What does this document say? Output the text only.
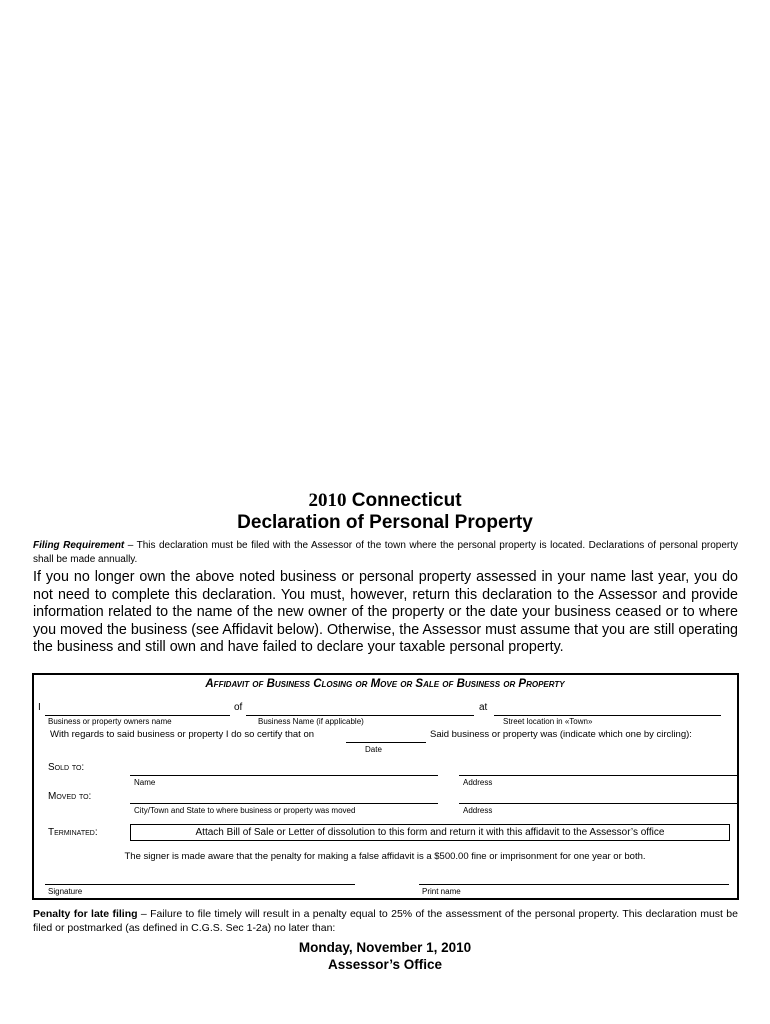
2010 Connecticut
Declaration of Personal Property
Filing Requirement – This declaration must be filed with the Assessor of the town where the personal property is located. Declarations of personal property shall be made annually.
If you no longer own the above noted business or personal property assessed in your name last year, you do not need to complete this declaration. You must, however, return this declaration to the Assessor and provide information related to the name of the new owner of the property or the date your business ceased or to where you moved the business (see Affidavit below). Otherwise, the Assessor must assume that you are still operating the business and still own and have failed to declare your taxable personal property.
Affidavit of Business Closing or Move or Sale of Business or Property
I	of	at
Business or property owners name	Business Name (if applicable)	Street location in «Town»
With regards to said business or property I do so certify that on	Said business or property was (indicate which one by circling):
Date
Sold to:
Name	Address
Moved to:
City/Town and State to where business or property was moved	Address
Terminated:	Attach Bill of Sale or Letter of dissolution to this form and return it with this affidavit to the Assessor’s office
The signer is made aware that the penalty for making a false affidavit is a $500.00 fine or imprisonment for one year or both.
Signature	Print name
Penalty for late filing – Failure to file timely will result in a penalty equal to 25% of the assessment of the personal property. This declaration must be filed or postmarked (as defined in C.G.S. Sec 1-2a) no later than:
Monday, November 1, 2010
Assessor’s Office
